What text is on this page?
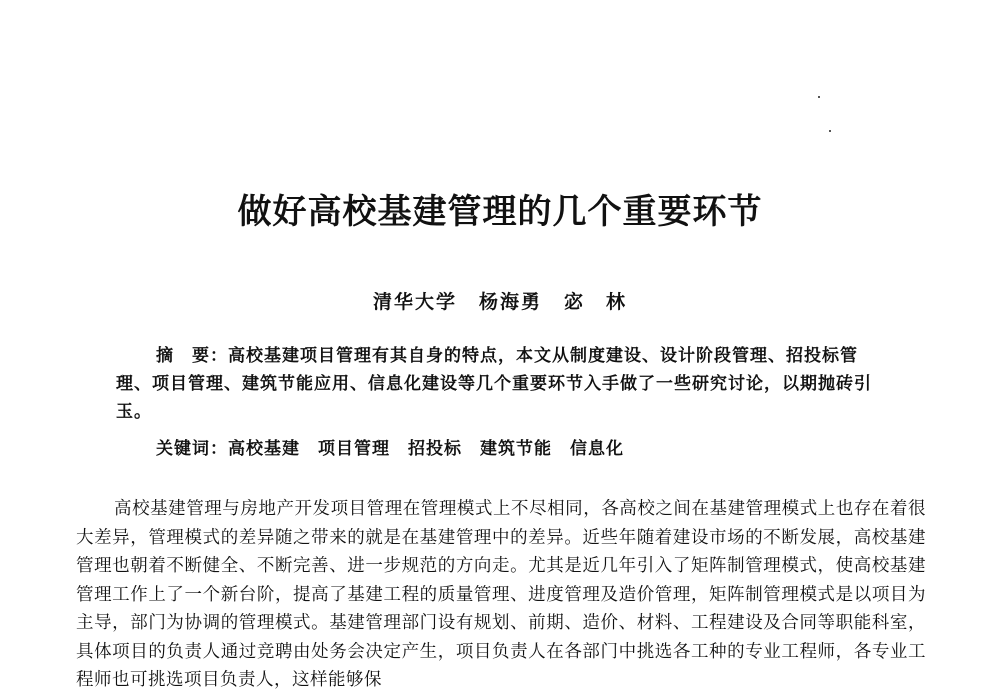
做好高校基建管理的几个重要环节
清华大学 杨海勇 宓　林
摘　要：高校基建项目管理有其自身的特点，本文从制度建设、设计阶段管理、招投标管理、项目管理、建筑节能应用、信息化建设等几个重要环节入手做了一些研究讨论，以期抛砖引玉。
关键词：高校基建 项目管理 招投标 建筑节能 信息化
高校基建管理与房地产开发项目管理在管理模式上不尽相同，各高校之间在基建管理模式上也存在着很大差异，管理模式的差异随之带来的就是在基建管理中的差异。近些年随着建设市场的不断发展，高校基建管理也朝着不断健全、不断完善、进一步规范的方向走。尤其是近几年引入了矩阵制管理模式，使高校基建管理工作上了一个新台阶，提高了基建工程的质量管理、进度管理及造价管理，矩阵制管理模式是以项目为主导，部门为协调的管理模式。基建管理部门设有规划、前期、造价、材料、工程建设及合同等职能科室，具体项目的负责人通过竞聘由处务会决定产生，项目负责人在各部门中挑选各工种的专业工程师，各专业工程师也可挑选项目负责人，这样能够保
